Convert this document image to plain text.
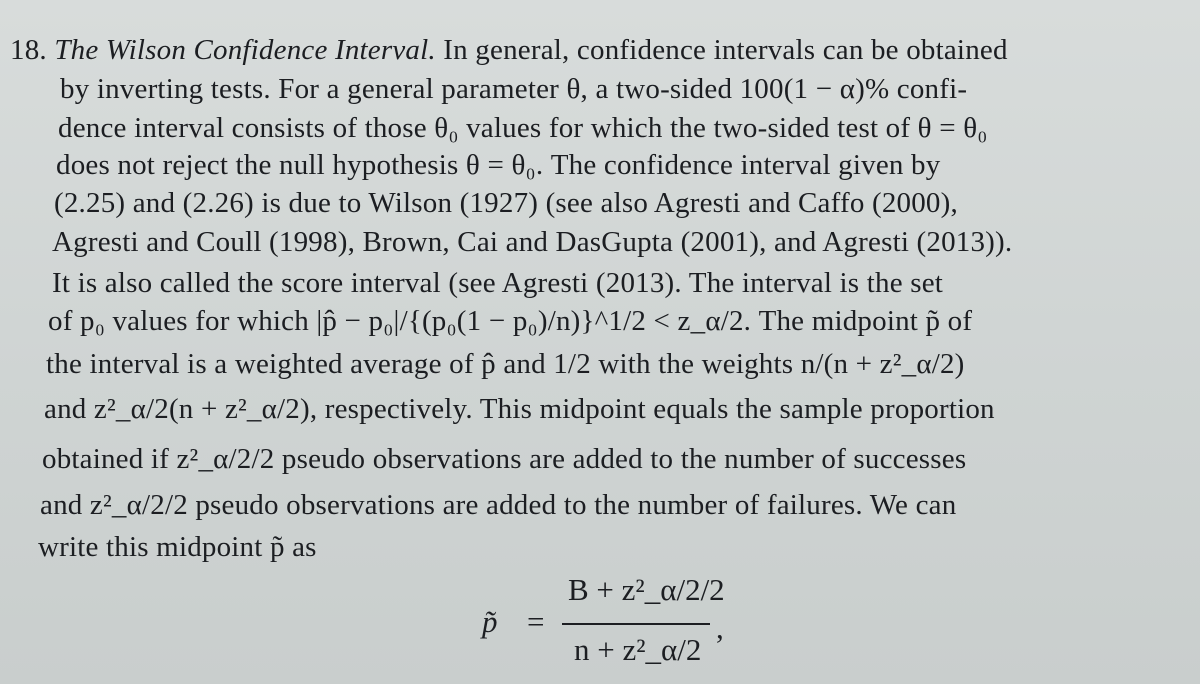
18. The Wilson Confidence Interval. In general, confidence intervals can be obtained
by inverting tests. For a general parameter θ, a two-sided 100(1 − α)% confi-
dence interval consists of those θ₀ values for which the two-sided test of θ = θ₀
does not reject the null hypothesis θ = θ₀. The confidence interval given by
(2.25) and (2.26) is due to Wilson (1927) (see also Agresti and Caffo (2000),
Agresti and Coull (1998), Brown, Cai and DasGupta (2001), and Agresti (2013)).
It is also called the score interval (see Agresti (2013). The interval is the set
of p₀ values for which |p̂ − p₀|/{(p₀(1 − p₀)/n)}^1/2 < z_α/2. The midpoint p̃ of
the interval is a weighted average of p̂ and 1/2 with the weights n/(n + z²_α/2)
and z²_α/2(n + z²_α/2), respectively. This midpoint equals the sample proportion
obtained if z²_α/2/2 pseudo observations are added to the number of successes
and z²_α/2/2 pseudo observations are added to the number of failures. We can
write this midpoint p̃ as
p̃ =
B + z²_α/2/2
n + z²_α/2
,
